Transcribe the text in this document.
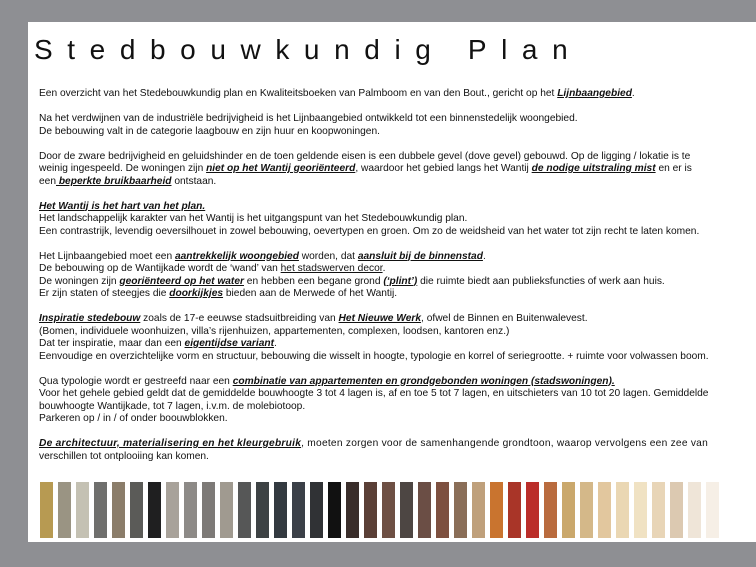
Stedbouwkundig Plan

Een overzicht van het Stedebouwkundig plan en Kwaliteitsboeken van Palmboom en van den Bout., gericht op het Lijnbaangebied.

Na het verdwijnen van de industriële bedrijvigheid is het Lijnbaangebied ontwikkeld tot een binnenstedelijk woongebied.
De bebouwing valt in de categorie laagbouw en zijn huur en koopwoningen.

Door de zware bedrijvigheid en geluidshinder en de toen geldende eisen is een dubbele gevel (dove gevel) gebouwd. Op de ligging / lokatie is te
weinig ingespeeld. De woningen zijn niet op het Wantij georiënteerd, waardoor het gebied langs het Wantij de nodige uitstraling mist en er is
een beperkte bruikbaarheid ontstaan.

Het Wantij is het hart van het plan.
Het landschappelijk karakter van het Wantij is het uitgangspunt van het Stedebouwkundig plan.
Een contrastrijk, levendig oeversilhouet in zowel bebouwing, oevertypen en groen. Om zo de weidsheid van het water tot zijn recht te laten komen.

Het Lijnbaangebied moet een aantrekkelijk woongebied worden, dat aansluit bij de binnenstad.
De bebouwing op de Wantijkade wordt de ‘wand’ van het stadswerven decor.
De woningen zijn georiënteerd op het water en hebben een begane grond (‘plint’) die ruimte biedt aan publieksfuncties of werk aan huis.
Er zijn staten of steegjes die doorkijkjes bieden aan de Merwede of het Wantij.

Inspiratie stedebouw zoals de 17-e eeuwse stadsuitbreiding van Het Nieuwe Werk, ofwel de Binnen en Buitenwalevest.
(Bomen, individuele woonhuizen, villa’s rijenhuizen, appartementen, complexen, loodsen, kantoren enz.)
Dat ter inspiratie, maar dan een eigentijdse variant.
Eenvoudige en overzichtelijke vorm en structuur, bebouwing die wisselt in hoogte, typologie en korrel of seriegrootte. + ruimte voor volwassen boom.

Qua typologie wordt er gestreefd naar een combinatie van appartementen en grondgebonden woningen (stadswoningen).
Voor het gehele gebied geldt dat de gemiddelde bouwhoogte 3 tot 4 lagen is, af en toe 5 tot 7 lagen, en uitschieters van 10 tot 20 lagen. Gemiddelde
bouwhoogte Wantijkade, tot 7 lagen, i.v.m. de molebiotoop.
Parkeren op / in / of onder boouwblokken.

De architectuur, materialisering en het kleurgebruik, moeten zorgen voor de samenhangende grondtoon, waarop vervolgens een zee van
verschillen tot ontplooiing kan komen.
